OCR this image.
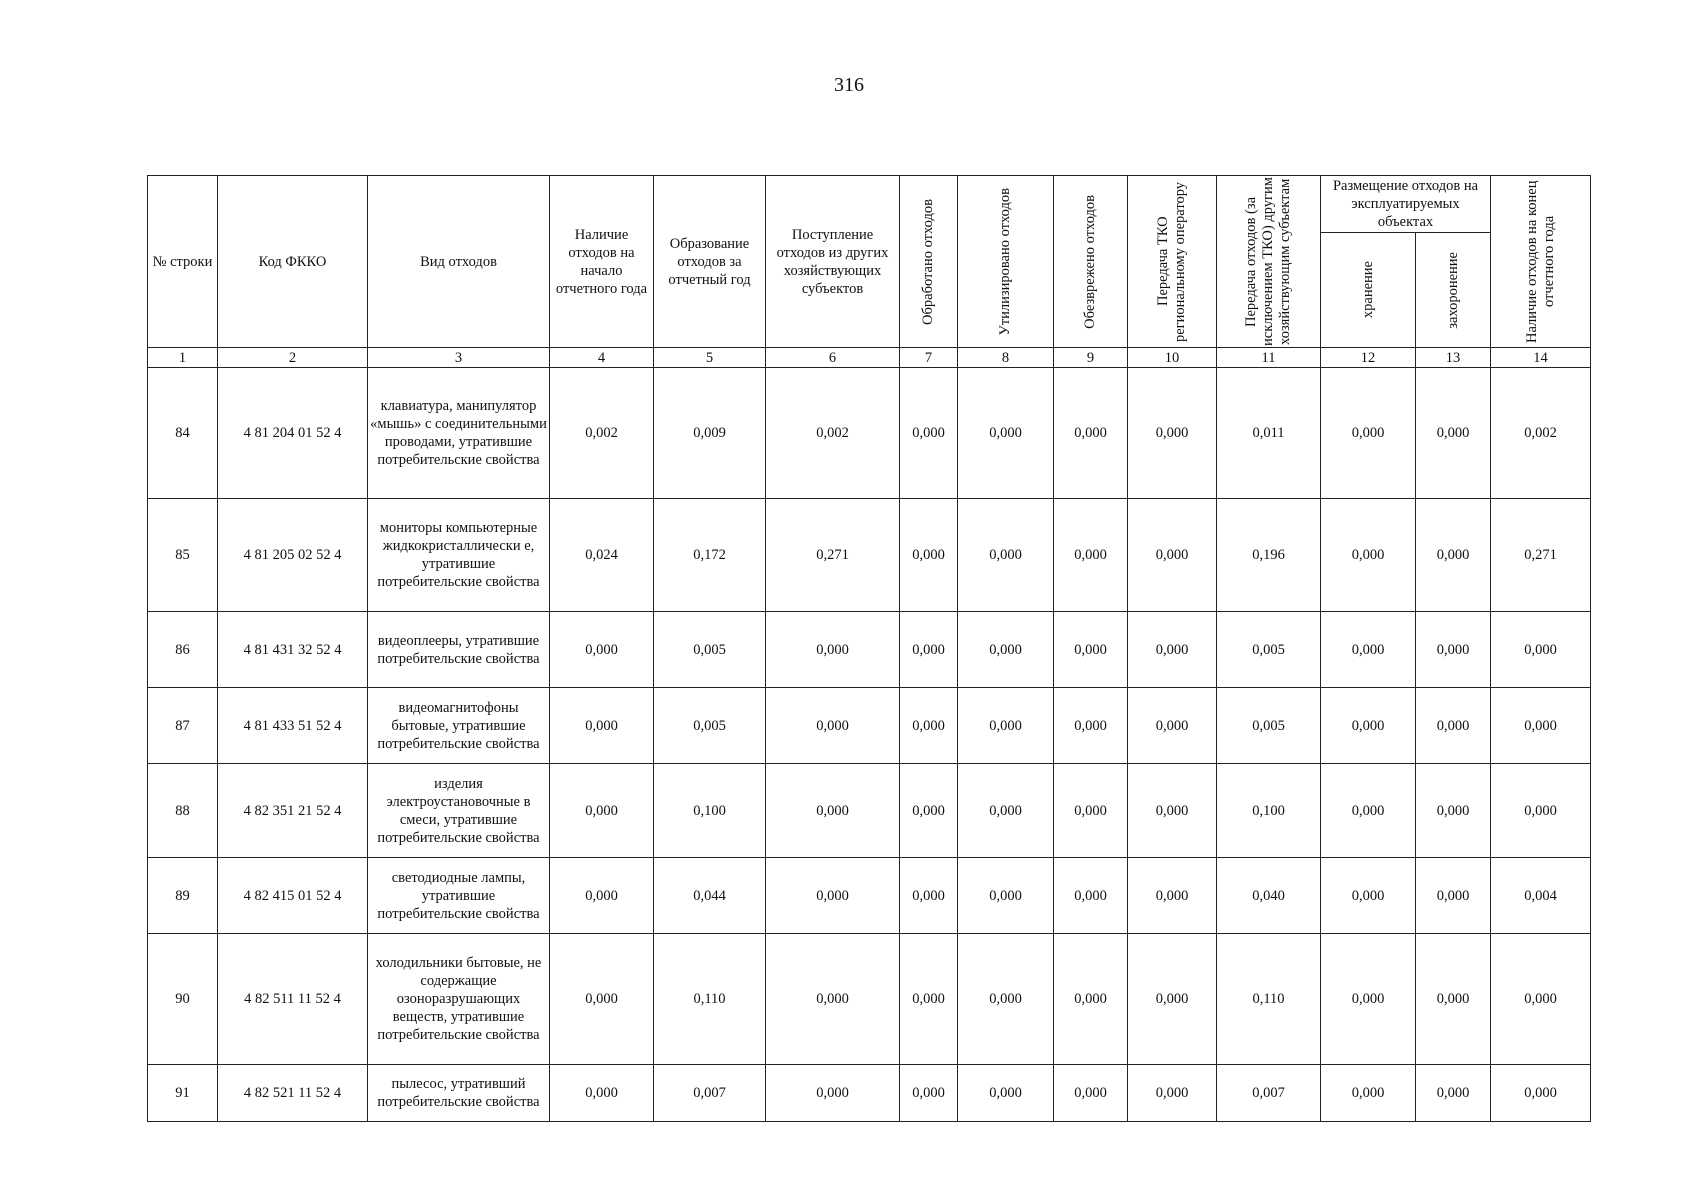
316
№ строки	Код ФККО	Вид отходов	Наличие отходов на начало отчетного года	Образование отходов за отчетный год	Поступление отходов из других хозяйствующих субъектов	Обработано отходов	Утилизировано отходов	Обезврежено отходов	Передача ТКО региональному оператору	Передача отходов (за исключением ТКО) другим хозяйствующим субъектам	Размещение отходов на эксплуатируемых объектах		Наличие отходов на конец отчетного года

											хранение	захоронение	

1	2	3	4	5	6	7	8	9	10	11	12	13	14
84	4 81 204 01 52 4	клавиатура, манипулятор «мышь» с соединительными проводами, утратившие потребительские свойства	0,002	0,009	0,002	0,000	0,000	0,000	0,000	0,011	0,000	0,000	0,002
85	4 81 205 02 52 4	мониторы компьютерные жидкокристаллически е, утратившие потребительские свойства	0,024	0,172	0,271	0,000	0,000	0,000	0,000	0,196	0,000	0,000	0,271
86	4 81 431 32 52 4	видеоплееры, утратившие потребительские свойства	0,000	0,005	0,000	0,000	0,000	0,000	0,000	0,005	0,000	0,000	0,000
87	4 81 433 51 52 4	видеомагнитофоны бытовые, утратившие потребительские свойства	0,000	0,005	0,000	0,000	0,000	0,000	0,000	0,005	0,000	0,000	0,000
88	4 82 351 21 52 4	изделия электроустановочные в смеси, утратившие потребительские свойства	0,000	0,100	0,000	0,000	0,000	0,000	0,000	0,100	0,000	0,000	0,000
89	4 82 415 01 52 4	светодиодные лампы, утратившие потребительские свойства	0,000	0,044	0,000	0,000	0,000	0,000	0,000	0,040	0,000	0,000	0,004
90	4 82 511 11 52 4	холодильники бытовые, не содержащие озоноразрушающих веществ, утратившие потребительские свойства	0,000	0,110	0,000	0,000	0,000	0,000	0,000	0,110	0,000	0,000	0,000
91	4 82 521 11 52 4	пылесос, утративший потребительские свойства	0,000	0,007	0,000	0,000	0,000	0,000	0,000	0,007	0,000	0,000	0,000
